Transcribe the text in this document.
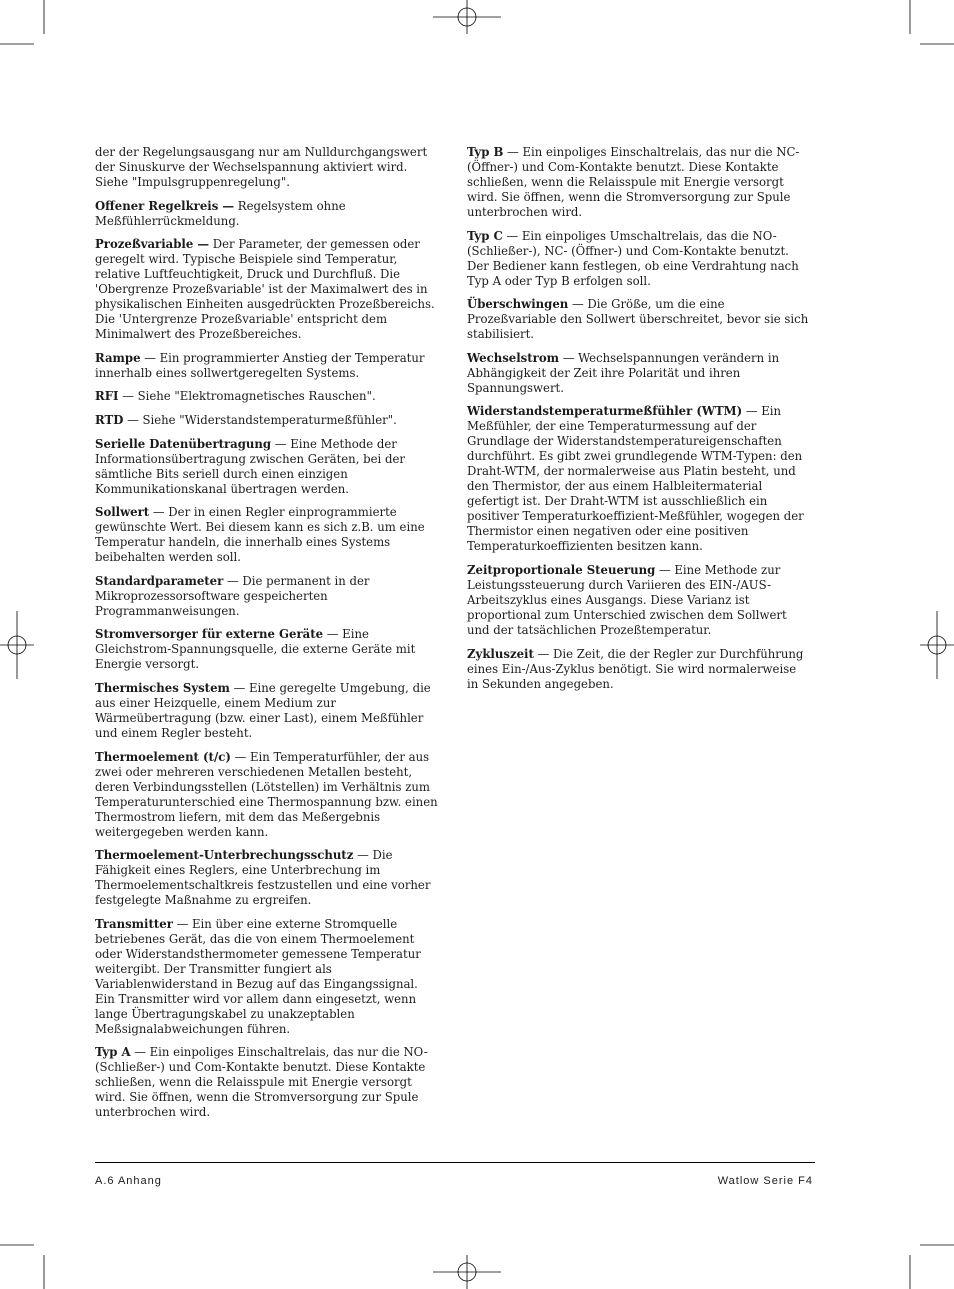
der der Regelungsausgang nur am Nulldurchgangswert
der Sinuskurve der Wechselspannung aktiviert wird.
Siehe "Impulsgruppenregelung".
Offener Regelkreis — Regelsystem ohne
Meßfühlerrückmeldung.
Prozeßvariable — Der Parameter, der gemessen oder
geregelt wird. Typische Beispiele sind Temperatur,
relative Luftfeuchtigkeit, Druck und Durchfluß. Die
'Obergrenze Prozeßvariable' ist der Maximalwert des in
physikalischen Einheiten ausgedrückten Prozeßbereichs.
Die 'Untergrenze Prozeßvariable' entspricht dem
Minimalwert des Prozeßbereiches.
Rampe — Ein programmierter Anstieg der Temperatur
innerhalb eines sollwertgeregelten Systems.
RFI — Siehe "Elektromagnetisches Rauschen".
RTD — Siehe "Widerstandstemperaturmeßfühler".
Serielle Datenübertragung — Eine Methode der
Informationsübertragung zwischen Geräten, bei der
sämtliche Bits seriell durch einen einzigen
Kommunikationskanal übertragen werden.
Sollwert — Der in einen Regler einprogrammierte
gewünschte Wert. Bei diesem kann es sich z.B. um eine
Temperatur handeln, die innerhalb eines Systems
beibehalten werden soll.
Standardparameter — Die permanent in der
Mikroprozessorsoftware gespeicherten
Programmanweisungen.
Stromversorger für externe Geräte — Eine
Gleichstrom-Spannungsquelle, die externe Geräte mit
Energie versorgt.
Thermisches System — Eine geregelte Umgebung, die
aus einer Heizquelle, einem Medium zur
Wärmeübertragung (bzw. einer Last), einem Meßfühler
und einem Regler besteht.
Thermoelement (t/c) — Ein Temperaturfühler, der aus
zwei oder mehreren verschiedenen Metallen besteht,
deren Verbindungsstellen (Lötstellen) im Verhältnis zum
Temperaturunterschied eine Thermospannung bzw. einen
Thermostrom liefern, mit dem das Meßergebnis
weitergegeben werden kann.
Thermoelement-Unterbrechungsschutz — Die
Fähigkeit eines Reglers, eine Unterbrechung im
Thermoelementschaltkreis festzustellen und eine vorher
festgelegte Maßnahme zu ergreifen.
Transmitter — Ein über eine externe Stromquelle
betriebenes Gerät, das die von einem Thermoelement
oder Widerstandsthermometer gemessene Temperatur
weitergibt. Der Transmitter fungiert als
Variablenwiderstand in Bezug auf das Eingangssignal.
Ein Transmitter wird vor allem dann eingesetzt, wenn
lange Übertragungskabel zu unakzeptablen
Meßsignalabweichungen führen.
Typ A — Ein einpoliges Einschaltrelais, das nur die NO-
(Schließer-) und Com-Kontakte benutzt. Diese Kontakte
schließen, wenn die Relaisspule mit Energie versorgt
wird. Sie öffnen, wenn die Stromversorgung zur Spule
unterbrochen wird.
Typ B — Ein einpoliges Einschaltrelais, das nur die NC-
(Öffner-) und Com-Kontakte benutzt. Diese Kontakte
schließen, wenn die Relaisspule mit Energie versorgt
wird. Sie öffnen, wenn die Stromversorgung zur Spule
unterbrochen wird.
Typ C — Ein einpoliges Umschaltrelais, das die NO-
(Schließer-), NC- (Öffner-) und Com-Kontakte benutzt.
Der Bediener kann festlegen, ob eine Verdrahtung nach
Typ A oder Typ B erfolgen soll.
Überschwingen — Die Größe, um die eine
Prozeßvariable den Sollwert überschreitet, bevor sie sich
stabilisiert.
Wechselstrom — Wechselspannungen verändern in
Abhängigkeit der Zeit ihre Polarität und ihren
Spannungswert.
Widerstandstemperaturmeßfühler (WTM) — Ein
Meßfühler, der eine Temperaturmessung auf der
Grundlage der Widerstandstemperatureigenschaften
durchführt. Es gibt zwei grundlegende WTM-Typen: den
Draht-WTM, der normalerweise aus Platin besteht, und
den Thermistor, der aus einem Halbleitermaterial
gefertigt ist. Der Draht-WTM ist ausschließlich ein
positiver Temperaturkoeffizient-Meßfühler, wogegen der
Thermistor einen negativen oder eine positiven
Temperaturkoeffizienten besitzen kann.
Zeitproportionale Steuerung — Eine Methode zur
Leistungssteuerung durch Variieren des EIN-/AUS-
Arbeitszyklus eines Ausgangs. Diese Varianz ist
proportional zum Unterschied zwischen dem Sollwert
und der tatsächlichen Prozeßtemperatur.
Zykluszeit — Die Zeit, die der Regler zur Durchführung
eines Ein-/Aus-Zyklus benötigt. Sie wird normalerweise
in Sekunden angegeben.
A.6 Anhang	Watlow Serie F4
